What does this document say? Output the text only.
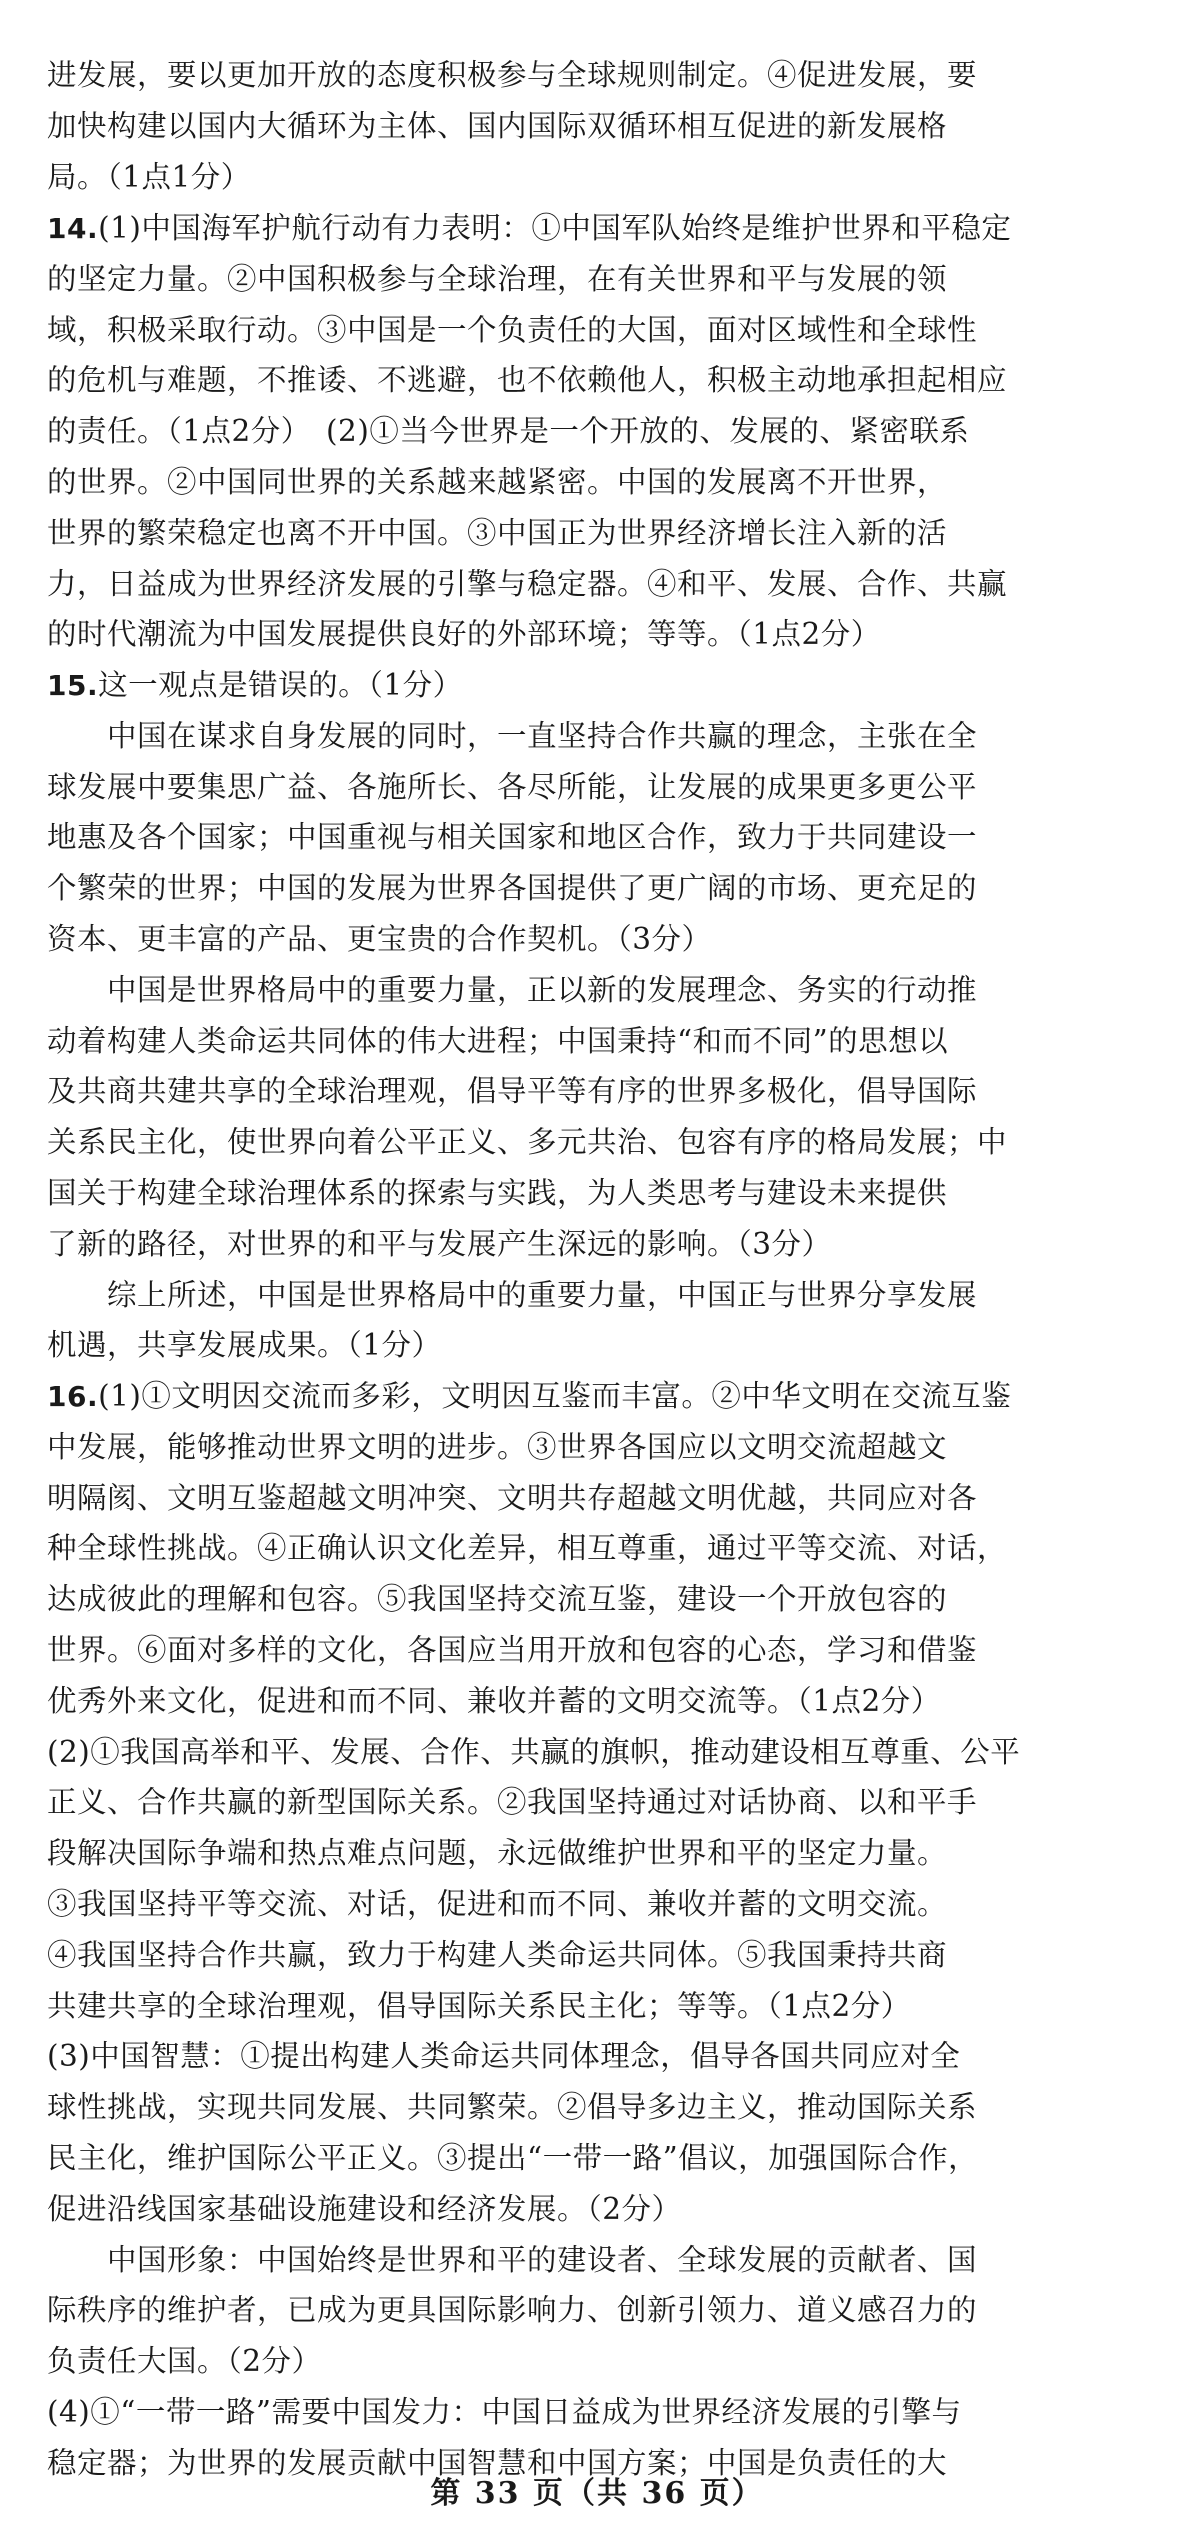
进发展，要以更加开放的态度积极参与全球规则制定。④促进发展，要
加快构建以国内大循环为主体、国内国际双循环相互促进的新发展格
局。（1点1分）
14.(1)中国海军护航行动有力表明：①中国军队始终是维护世界和平稳定
的坚定力量。②中国积极参与全球治理，在有关世界和平与发展的领
域，积极采取行动。③中国是一个负责任的大国，面对区域性和全球性
的危机与难题，不推诿、不逃避，也不依赖他人，积极主动地承担起相应
的责任。（1点2分）　(2)①当今世界是一个开放的、发展的、紧密联系
的世界。②中国同世界的关系越来越紧密。中国的发展离不开世界，
世界的繁荣稳定也离不开中国。③中国正为世界经济增长注入新的活
力，日益成为世界经济发展的引擎与稳定器。④和平、发展、合作、共赢
的时代潮流为中国发展提供良好的外部环境；等等。（1点2分）
15.这一观点是错误的。（1分）
　　中国在谋求自身发展的同时，一直坚持合作共赢的理念，主张在全
球发展中要集思广益、各施所长、各尽所能，让发展的成果更多更公平
地惠及各个国家；中国重视与相关国家和地区合作，致力于共同建设一
个繁荣的世界；中国的发展为世界各国提供了更广阔的市场、更充足的
资本、更丰富的产品、更宝贵的合作契机。（3分）
　　中国是世界格局中的重要力量，正以新的发展理念、务实的行动推
动着构建人类命运共同体的伟大进程；中国秉持“和而不同”的思想以
及共商共建共享的全球治理观，倡导平等有序的世界多极化，倡导国际
关系民主化，使世界向着公平正义、多元共治、包容有序的格局发展；中
国关于构建全球治理体系的探索与实践，为人类思考与建设未来提供
了新的路径，对世界的和平与发展产生深远的影响。（3分）
　　综上所述，中国是世界格局中的重要力量，中国正与世界分享发展
机遇，共享发展成果。（1分）
16.(1)①文明因交流而多彩，文明因互鉴而丰富。②中华文明在交流互鉴
中发展，能够推动世界文明的进步。③世界各国应以文明交流超越文
明隔阂、文明互鉴超越文明冲突、文明共存超越文明优越，共同应对各
种全球性挑战。④正确认识文化差异，相互尊重，通过平等交流、对话，
达成彼此的理解和包容。⑤我国坚持交流互鉴，建设一个开放包容的
世界。⑥面对多样的文化，各国应当用开放和包容的心态，学习和借鉴
优秀外来文化，促进和而不同、兼收并蓄的文明交流等。（1点2分）
(2)①我国高举和平、发展、合作、共赢的旗帜，推动建设相互尊重、公平
正义、合作共赢的新型国际关系。②我国坚持通过对话协商、以和平手
段解决国际争端和热点难点问题，永远做维护世界和平的坚定力量。
③我国坚持平等交流、对话，促进和而不同、兼收并蓄的文明交流。
④我国坚持合作共赢，致力于构建人类命运共同体。⑤我国秉持共商
共建共享的全球治理观，倡导国际关系民主化；等等。（1点2分）
(3)中国智慧：①提出构建人类命运共同体理念，倡导各国共同应对全
球性挑战，实现共同发展、共同繁荣。②倡导多边主义，推动国际关系
民主化，维护国际公平正义。③提出“一带一路”倡议，加强国际合作，
促进沿线国家基础设施建设和经济发展。（2分）
　　中国形象：中国始终是世界和平的建设者、全球发展的贡献者、国
际秩序的维护者，已成为更具国际影响力、创新引领力、道义感召力的
负责任大国。（2分）
(4)①“一带一路”需要中国发力：中国日益成为世界经济发展的引擎与
稳定器；为世界的发展贡献中国智慧和中国方案；中国是负责任的大
第 33 页（共 36 页）
